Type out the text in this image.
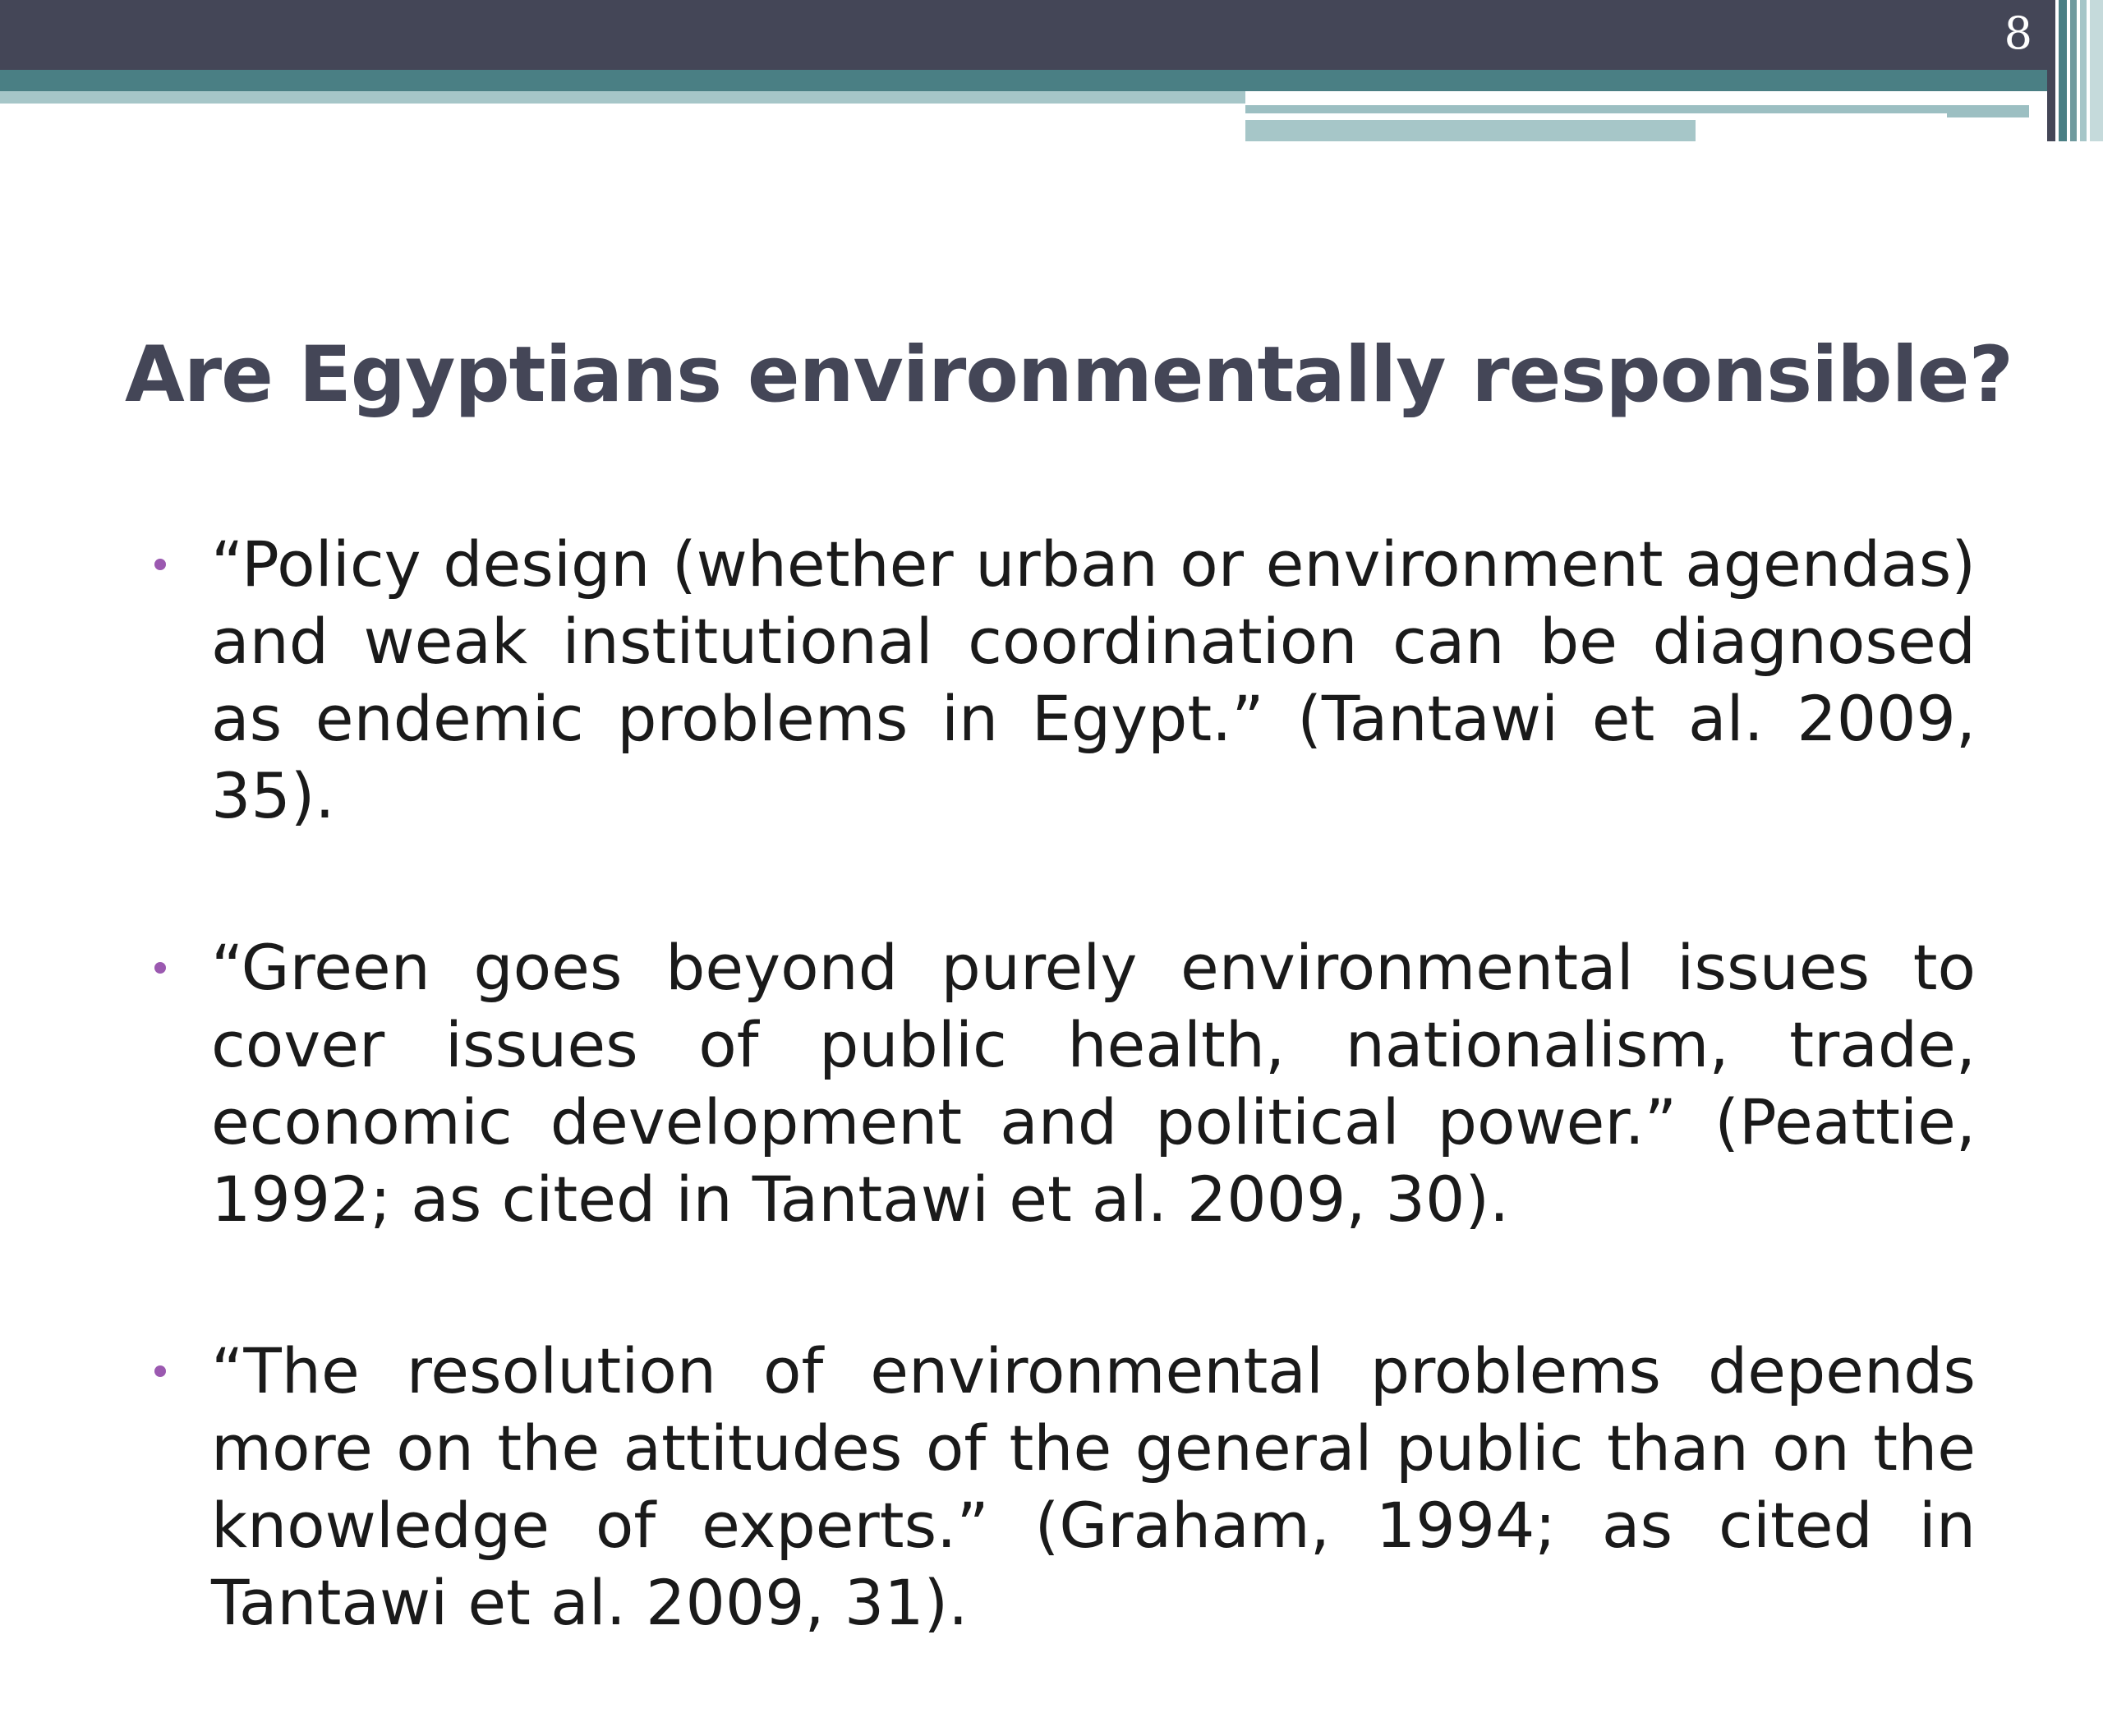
8
Are Egyptians environmentally responsible?
“Policy design (whether urban or environment agendas) and weak institutional coordination can be diagnosed as endemic problems in Egypt.” (Tantawi et al. 2009, 35).
“Green goes beyond purely environmental issues to cover issues of public health, nationalism, trade, economic development and political power.” (Peattie, 1992; as cited in Tantawi et al. 2009, 30).
“The resolution of environmental problems depends more on the attitudes of the general public than on the knowledge of experts.” (Graham, 1994; as cited in Tantawi et al. 2009, 31).
